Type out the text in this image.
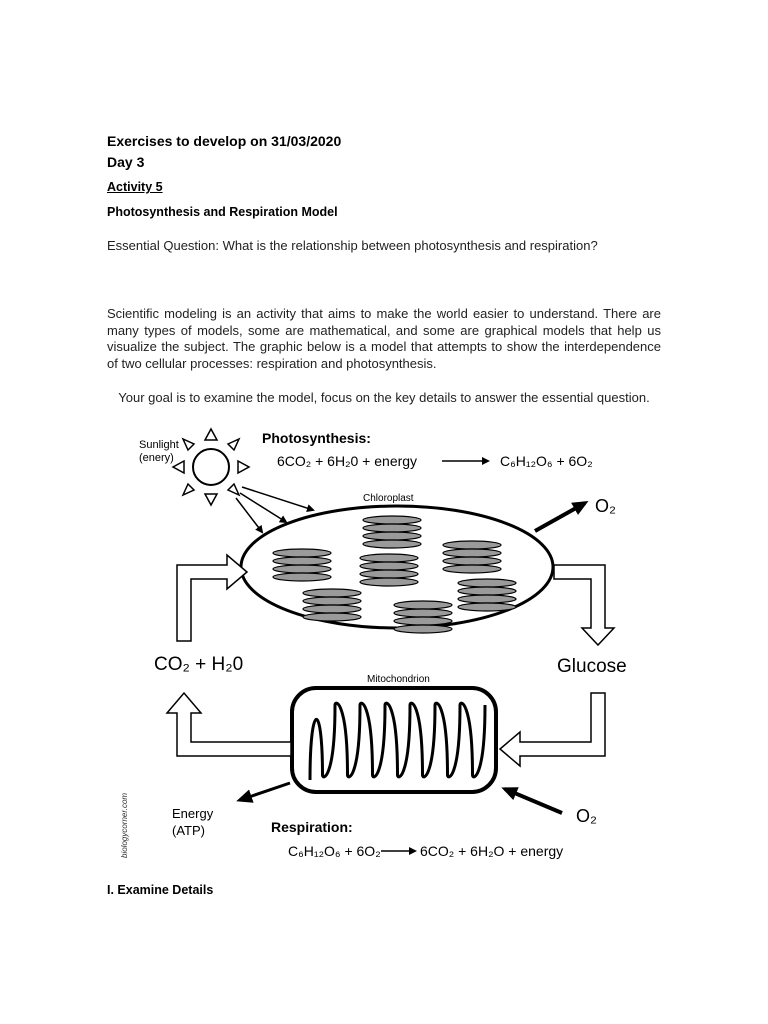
Exercises to develop on 31/03/2020
Day 3
Activity 5
Photosynthesis and Respiration Model
Essential Question: What is the relationship between photosynthesis and respiration?
Scientific modeling is an activity that aims to make the world easier to understand. There are many types of models, some are mathematical, and some are graphical models that help us visualize the subject. The graphic below is a model that attempts to show the interdependence of two cellular processes: respiration and photosynthesis.
Your goal is to examine the model, focus on the key details to answer the essential question.
Sunlight
(enery)
Photosynthesis:
6CO₂ + 6H₂0 + energy	C₆H₁₂O₆ + 6O₂
Chloroplast	O₂
CO₂ + H₂0	Glucose
Mitochondrion
Energy
(ATP)
O₂
Respiration:
C₆H₁₂O₆ + 6O₂	6CO₂ + 6H₂O + energy
biologycorner.com
I. Examine Details
